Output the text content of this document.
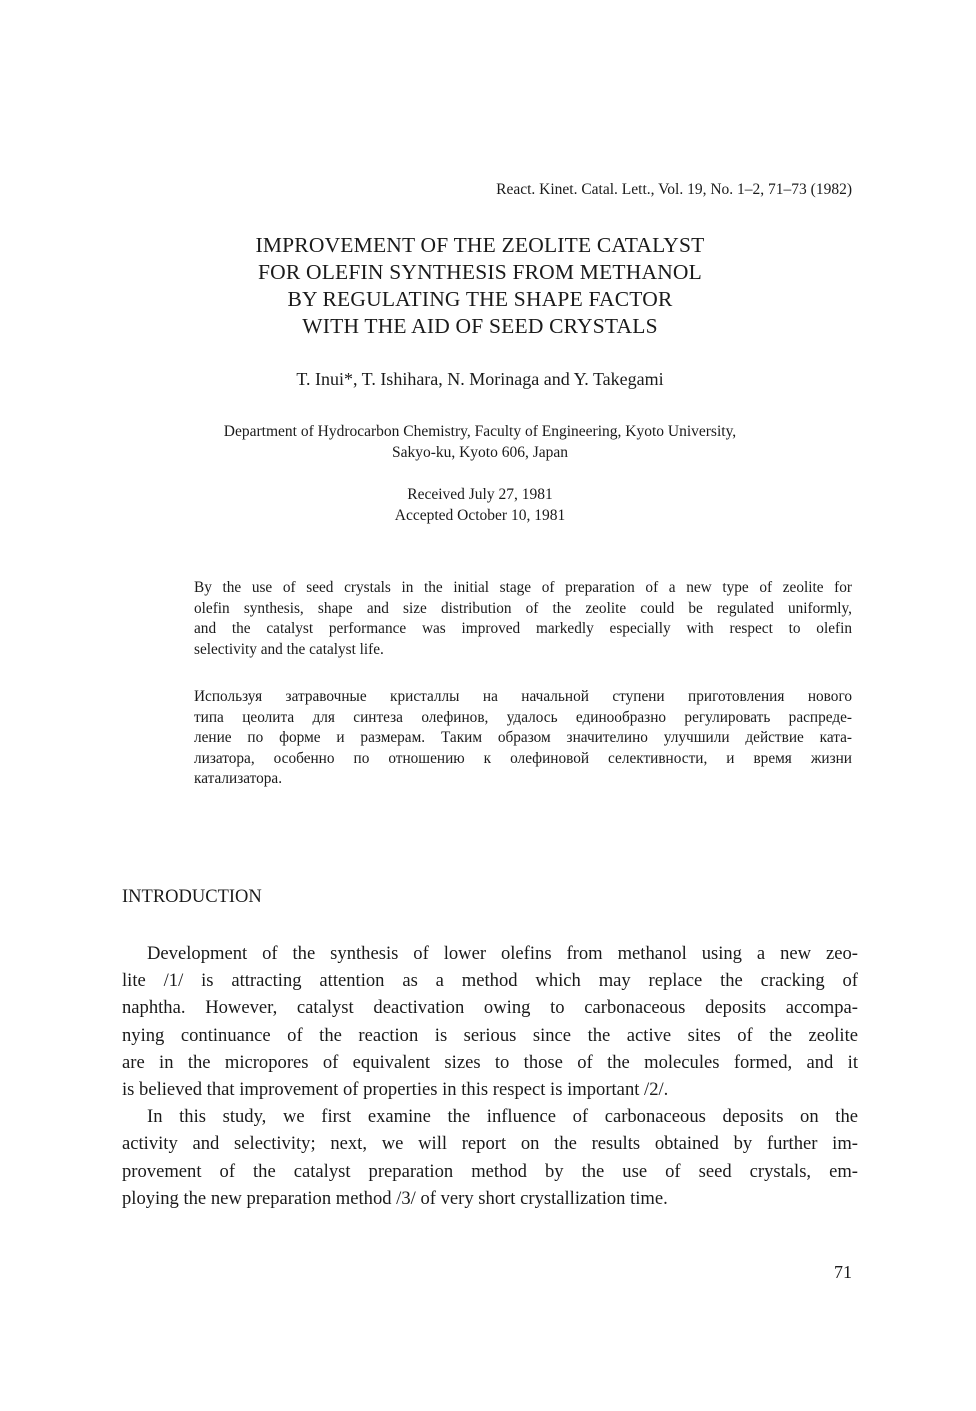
React. Kinet. Catal. Lett., Vol. 19, No. 1–2, 71–73 (1982)
IMPROVEMENT OF THE ZEOLITE CATALYST
FOR OLEFIN SYNTHESIS FROM METHANOL
BY REGULATING THE SHAPE FACTOR
WITH THE AID OF SEED CRYSTALS
T. Inui*, T. Ishihara, N. Morinaga and Y. Takegami
Department of Hydrocarbon Chemistry, Faculty of Engineering, Kyoto University,
Sakyo-ku, Kyoto 606, Japan
Received July 27, 1981
Accepted October 10, 1981
By the use of seed crystals in the initial stage of preparation of a new type of zeolite for
olefin synthesis, shape and size distribution of the zeolite could be regulated uniformly,
and the catalyst performance was improved markedly especially with respect to olefin
selectivity and the catalyst life.
Используя затравочные кристаллы на начальной ступени приготовления нового
типа цеолита для синтеза олефинов, удалось единообразно регулировать распреде-
ление по форме и размерам. Таким образом значителино улучшили действие ката-
лизатора, особенно по отношению к олефиновой селективности, и время жизни
катализатора.
INTRODUCTION
Development of the synthesis of lower olefins from methanol using a new zeo-
lite /1/ is attracting attention as a method which may replace the cracking of
naphtha. However, catalyst deactivation owing to carbonaceous deposits accompa-
nying continuance of the reaction is serious since the active sites of the zeolite
are in the micropores of equivalent sizes to those of the molecules formed, and it
is believed that improvement of properties in this respect is important /2/.
In this study, we first examine the influence of carbonaceous deposits on the
activity and selectivity; next, we will report on the results obtained by further im-
provement of the catalyst preparation method by the use of seed crystals, em-
ploying the new preparation method /3/ of very short crystallization time.
71
